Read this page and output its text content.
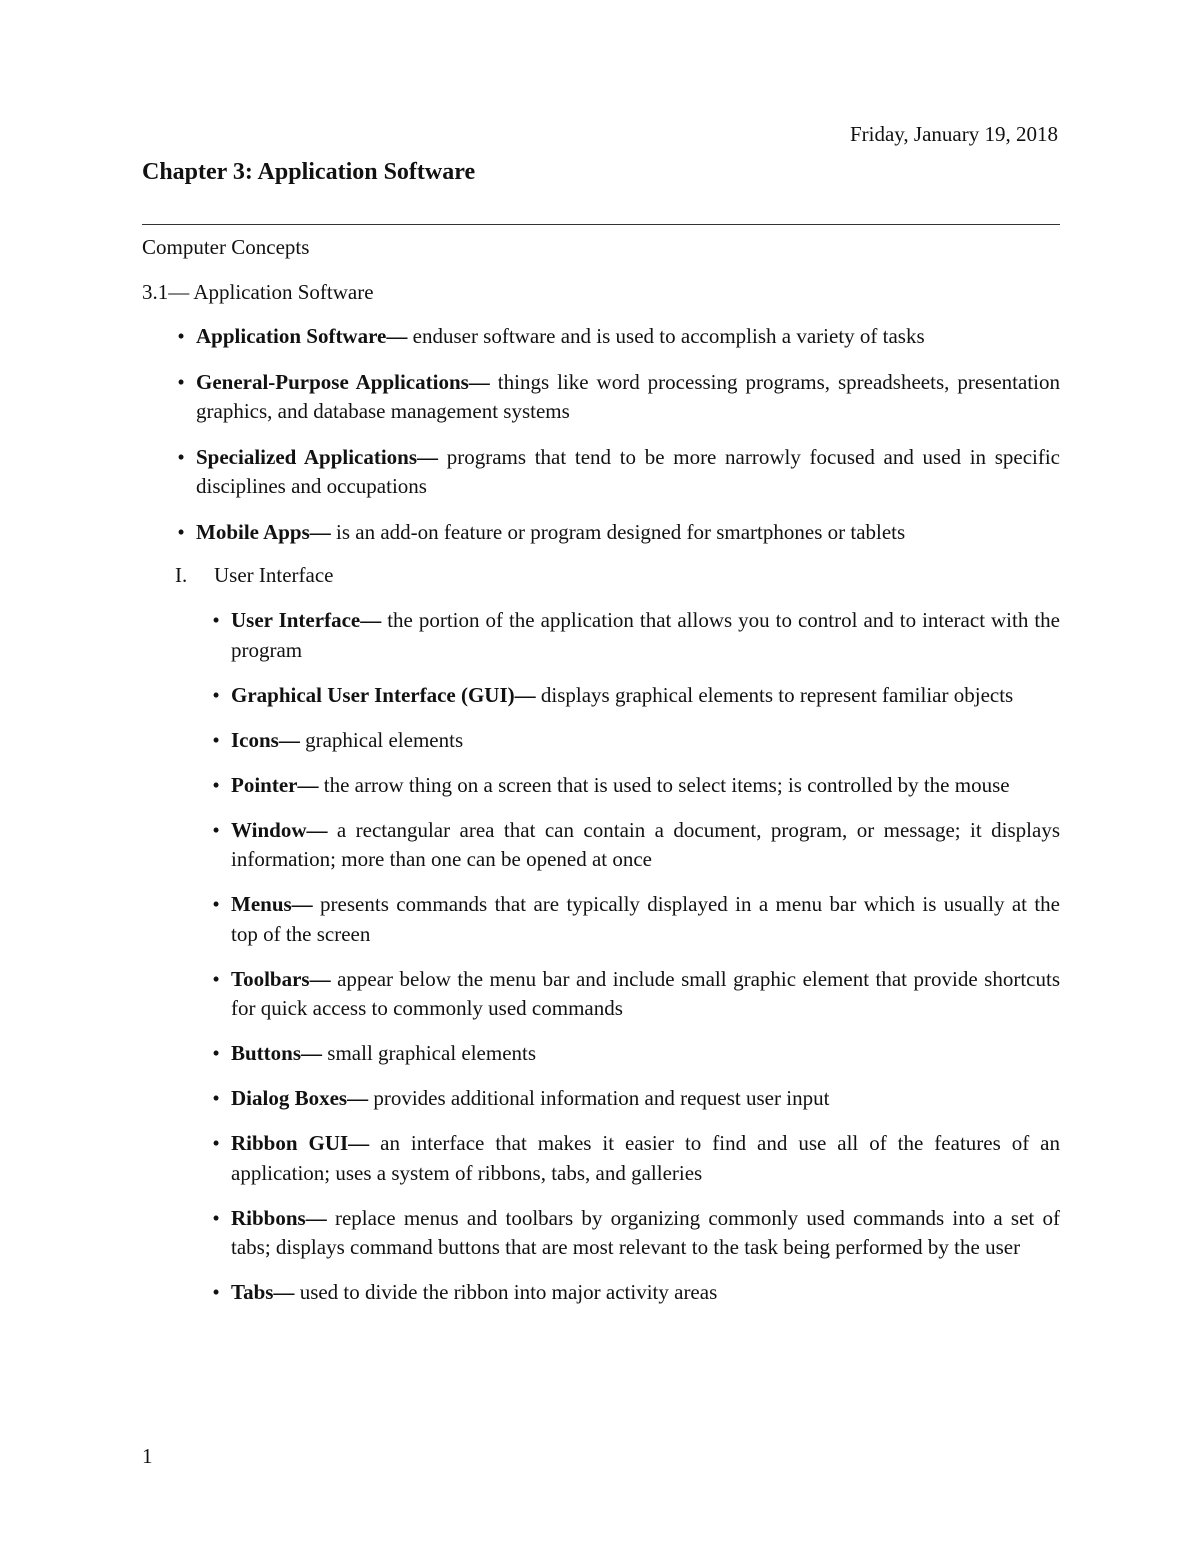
Friday, January 19, 2018

Chapter 3: Application Software

Computer Concepts

3.1— Application Software

• Application Software— enduser software and is used to accomplish a variety of tasks
• General-Purpose Applications— things like word processing programs, spreadsheets, presentation graphics, and database management systems
• Specialized Applications— programs that tend to be more narrowly focused and used in specific disciplines and occupations
• Mobile Apps— is an add-on feature or program designed for smartphones or tablets

I. User Interface

• User Interface— the portion of the application that allows you to control and to interact with the program
• Graphical User Interface (GUI)— displays graphical elements to represent familiar objects
• Icons— graphical elements
• Pointer— the arrow thing on a screen that is used to select items; is controlled by the mouse
• Window— a rectangular area that can contain a document, program, or message; it displays information; more than one can be opened at once
• Menus— presents commands that are typically displayed in a menu bar which is usually at the top of the screen
• Toolbars— appear below the menu bar and include small graphic element that provide shortcuts for quick access to commonly used commands
• Buttons— small graphical elements
• Dialog Boxes— provides additional information and request user input
• Ribbon GUI— an interface that makes it easier to find and use all of the features of an application; uses a system of ribbons, tabs, and galleries
• Ribbons— replace menus and toolbars by organizing commonly used commands into a set of tabs; displays command buttons that are most relevant to the task being performed by the user
• Tabs— used to divide the ribbon into major activity areas

1
